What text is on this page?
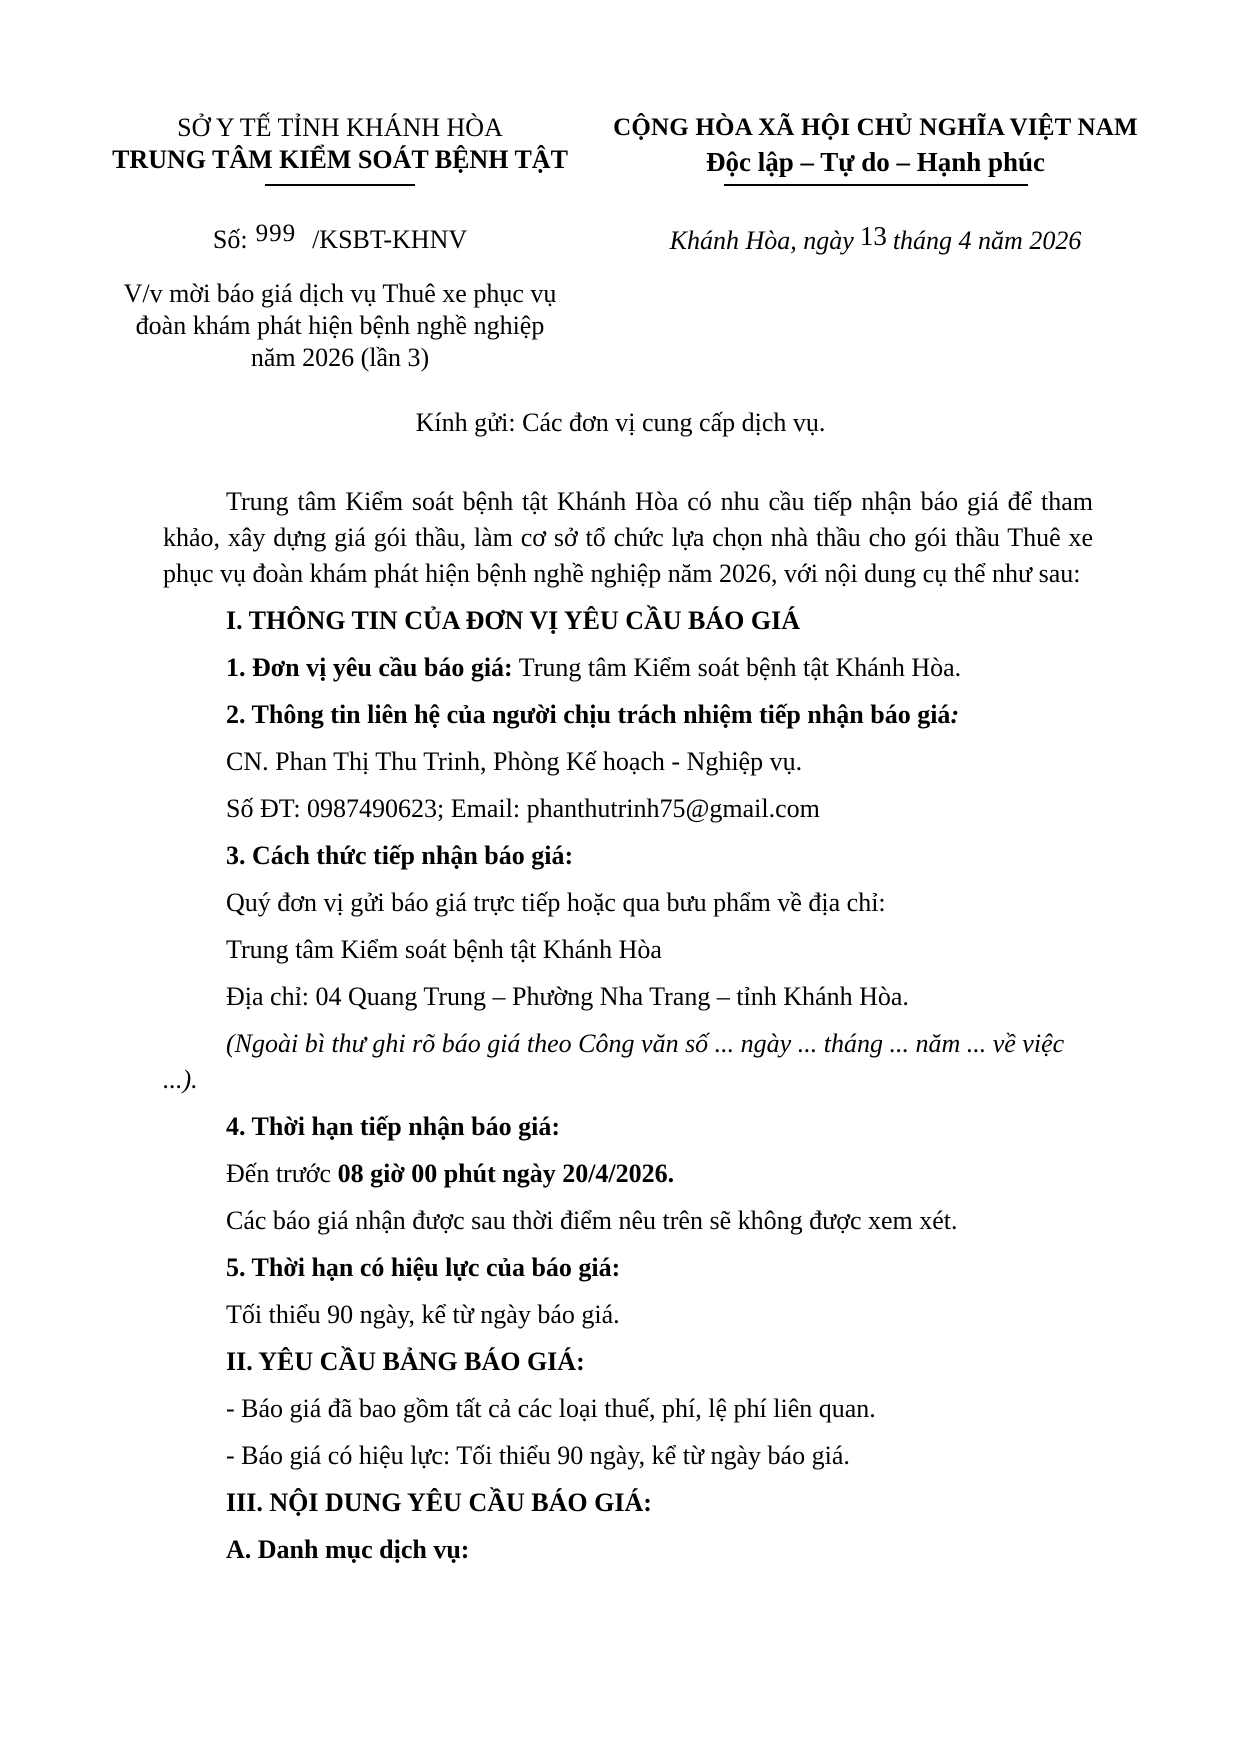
SỞ Y TẾ TỈNH KHÁNH HÒA
TRUNG TÂM KIỂM SOÁT BỆNH TẬT
Số: 999 /KSBT-KHNV
V/v mời báo giá dịch vụ Thuê xe phục vụ
đoàn khám phát hiện bệnh nghề nghiệp
năm 2026 (lần 3)
CỘNG HÒA XÃ HỘI CHỦ NGHĨA VIỆT NAM
Độc lập – Tự do – Hạnh phúc
Khánh Hòa, ngày 13 tháng 4 năm 2026
Kính gửi: Các đơn vị cung cấp dịch vụ.

Trung tâm Kiểm soát bệnh tật Khánh Hòa có nhu cầu tiếp nhận báo giá để tham khảo, xây dựng giá gói thầu, làm cơ sở tổ chức lựa chọn nhà thầu cho gói thầu Thuê xe phục vụ đoàn khám phát hiện bệnh nghề nghiệp năm 2026, với nội dung cụ thể như sau:

I. THÔNG TIN CỦA ĐƠN VỊ YÊU CẦU BÁO GIÁ

1. Đơn vị yêu cầu báo giá: Trung tâm Kiểm soát bệnh tật Khánh Hòa.

2. Thông tin liên hệ của người chịu trách nhiệm tiếp nhận báo giá:

CN. Phan Thị Thu Trinh, Phòng Kế hoạch - Nghiệp vụ.

Số ĐT: 0987490623; Email: phanthutrinh75@gmail.com

3. Cách thức tiếp nhận báo giá:

Quý đơn vị gửi báo giá trực tiếp hoặc qua bưu phẩm về địa chỉ:

Trung tâm Kiểm soát bệnh tật Khánh Hòa

Địa chỉ: 04 Quang Trung – Phường Nha Trang – tỉnh Khánh Hòa.

(Ngoài bì thư ghi rõ báo giá theo Công văn số ... ngày ... tháng ... năm ... về việc ...).

4. Thời hạn tiếp nhận báo giá:

Đến trước 08 giờ 00 phút ngày 20/4/2026.

Các báo giá nhận được sau thời điểm nêu trên sẽ không được xem xét.

5. Thời hạn có hiệu lực của báo giá:

Tối thiểu 90 ngày, kể từ ngày báo giá.

II. YÊU CẦU BẢNG BÁO GIÁ:

- Báo giá đã bao gồm tất cả các loại thuế, phí, lệ phí liên quan.

- Báo giá có hiệu lực: Tối thiểu 90 ngày, kể từ ngày báo giá.

III. NỘI DUNG YÊU CẦU BÁO GIÁ:

A. Danh mục dịch vụ:
